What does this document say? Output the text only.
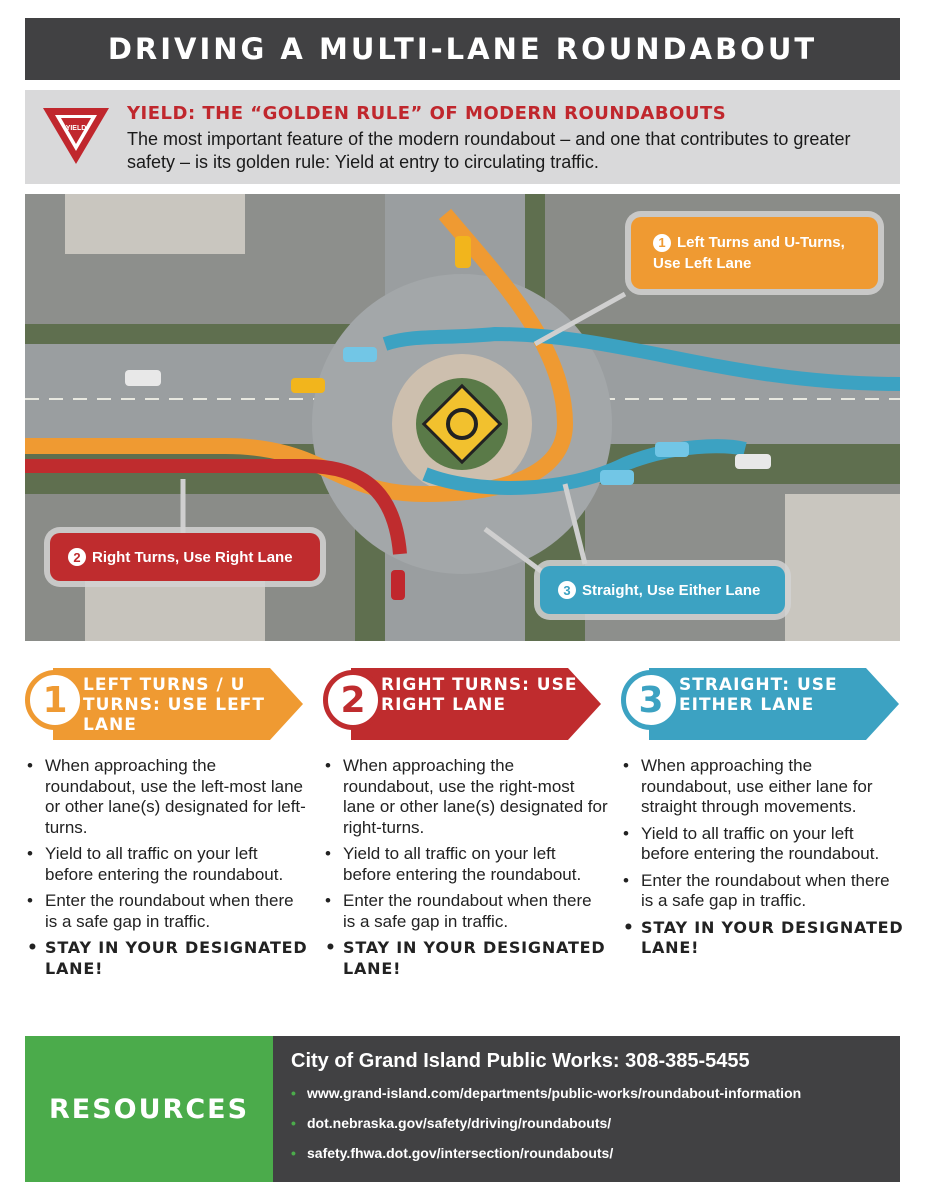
DRIVING A MULTI-LANE ROUNDABOUT
YIELD
YIELD: THE “GOLDEN RULE” OF MODERN ROUNDABOUTS
The most important feature of the modern roundabout – and one that contributes to greater safety – is its golden rule: Yield at entry to circulating traffic.
1 Left Turns and U-Turns, Use Left Lane
2 Right Turns, Use Right Lane
3 Straight, Use Either Lane
1 LEFT TURNS / U TURNS: USE LEFT LANE
2 RIGHT TURNS: USE RIGHT LANE	3 STRAIGHT: USE EITHER LANE
• When approaching the roundabout, use the left-most lane or other lane(s) designated for left-turns.
• Yield to all traffic on your left before entering the roundabout.
• Enter the roundabout when there is a safe gap in traffic.
• STAY IN YOUR DESIGNATED LANE!
• When approaching the roundabout, use the right-most lane or other lane(s) designated for right-turns.
• Yield to all traffic on your left before entering the roundabout.
• Enter the roundabout when there is a safe gap in traffic.
• STAY IN YOUR DESIGNATED LANE!
• When approaching the roundabout, use either lane for straight through movements.
• Yield to all traffic on your left before entering the roundabout.
• Enter the roundabout when there is a safe gap in traffic.
• STAY IN YOUR DESIGNATED LANE!
RESOURCES
City of Grand Island Public Works: 308-385-5455
• www.grand-island.com/departments/public-works/roundabout-information
• dot.nebraska.gov/safety/driving/roundabouts/
• safety.fhwa.dot.gov/intersection/roundabouts/
